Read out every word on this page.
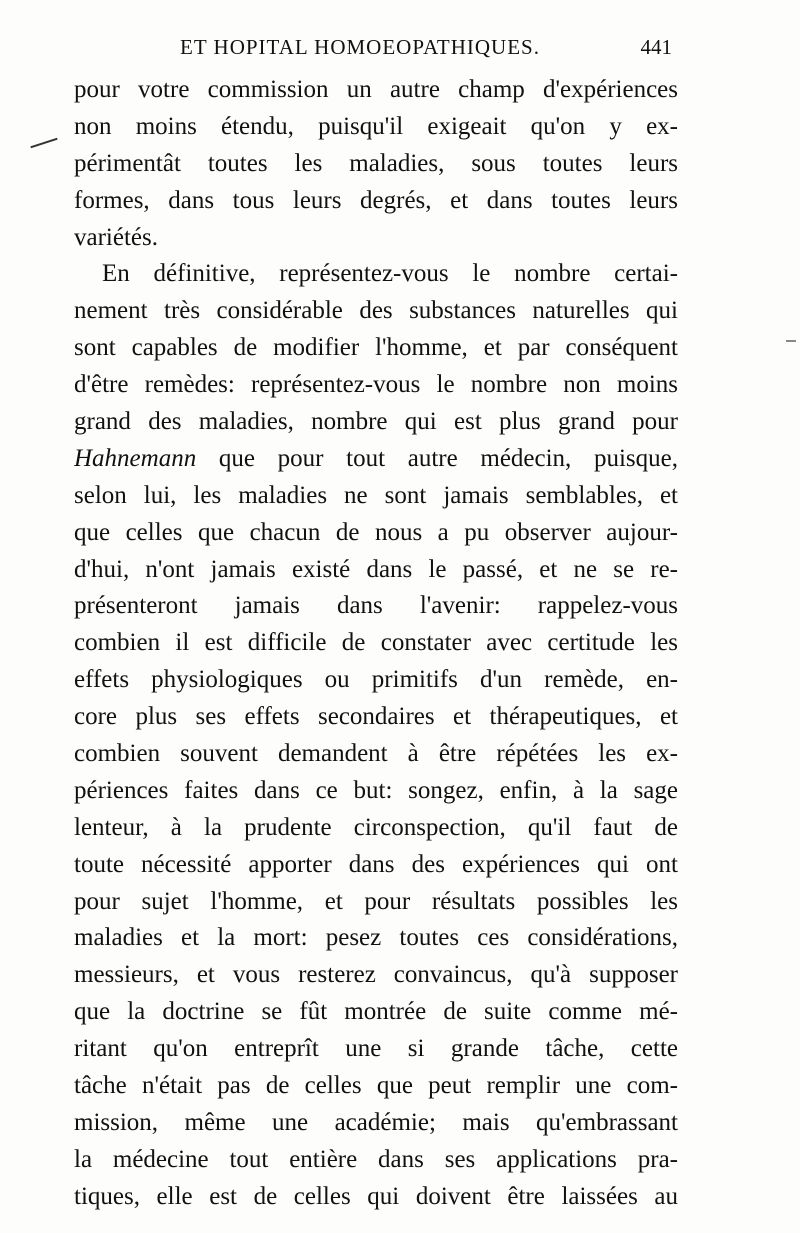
ET HOPITAL HOMOEOPATHIQUES.	441
pour votre commission un autre champ d'expériences
non moins étendu, puisqu'il exigeait qu'on y ex-
périmentât toutes les maladies, sous toutes leurs
formes, dans tous leurs degrés, et dans toutes leurs
variétés.
En définitive, représentez-vous le nombre certai-
nement très considérable des substances naturelles qui
sont capables de modifier l'homme, et par conséquent
d'être remèdes: représentez-vous le nombre non moins
grand des maladies, nombre qui est plus grand pour
Hahnemann que pour tout autre médecin, puisque,
selon lui, les maladies ne sont jamais semblables, et
que celles que chacun de nous a pu observer aujour-
d'hui, n'ont jamais existé dans le passé, et ne se re-
présenteront jamais dans l'avenir: rappelez-vous
combien il est difficile de constater avec certitude les
effets physiologiques ou primitifs d'un remède, en-
core plus ses effets secondaires et thérapeutiques, et
combien souvent demandent à être répétées les ex-
périences faites dans ce but: songez, enfin, à la sage
lenteur, à la prudente circonspection, qu'il faut de
toute nécessité apporter dans des expériences qui ont
pour sujet l'homme, et pour résultats possibles les
maladies et la mort: pesez toutes ces considérations,
messieurs, et vous resterez convaincus, qu'à supposer
que la doctrine se fût montrée de suite comme mé-
ritant qu'on entreprît une si grande tâche, cette
tâche n'était pas de celles que peut remplir une com-
mission, même une académie; mais qu'embrassant
la médecine tout entière dans ses applications pra-
tiques, elle est de celles qui doivent être laissées au
